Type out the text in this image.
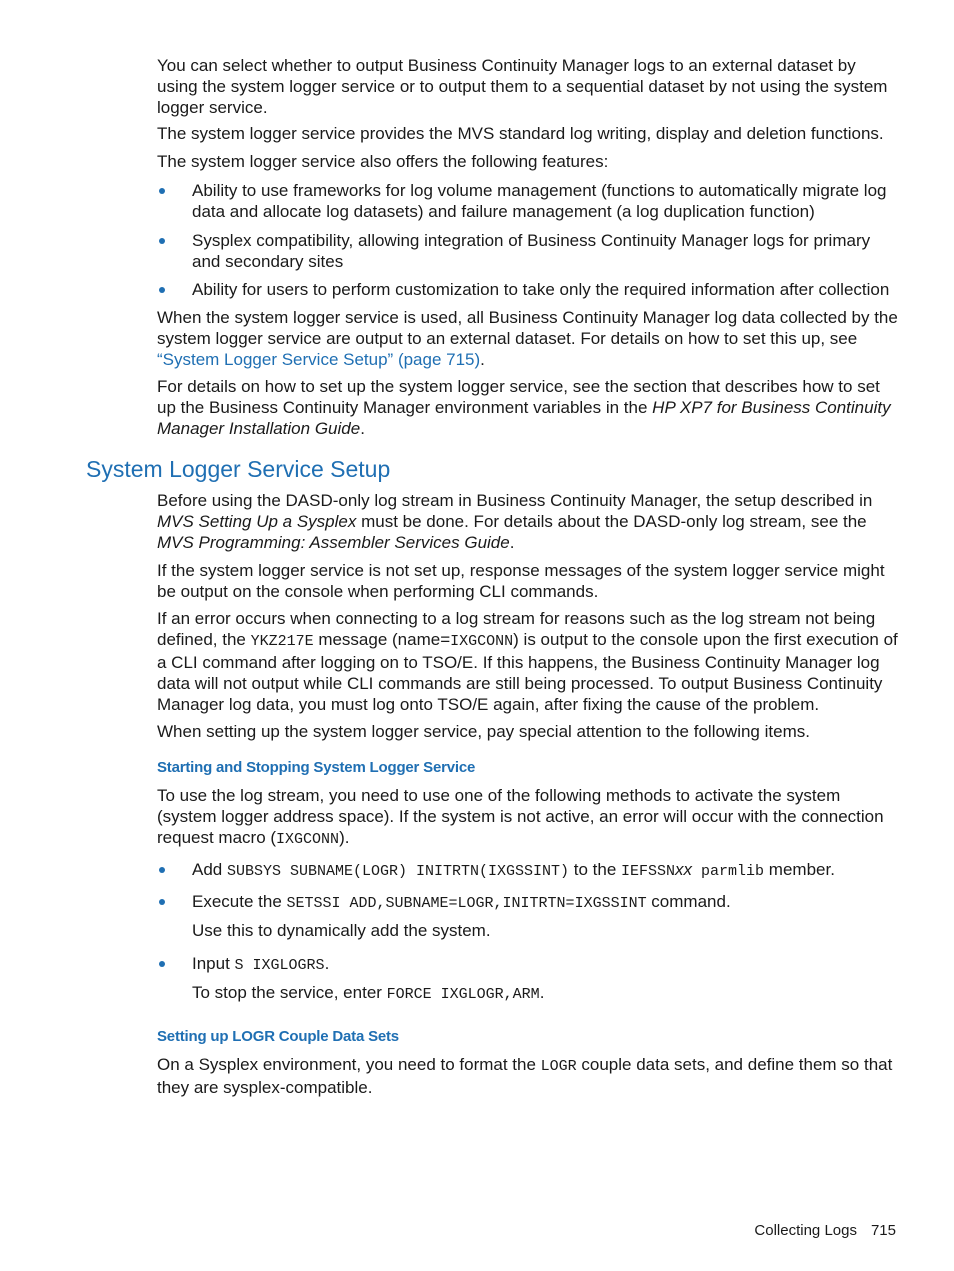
You can select whether to output Business Continuity Manager logs to an external dataset by using the system logger service or to output them to a sequential dataset by not using the system logger service.

The system logger service provides the MVS standard log writing, display and deletion functions.

The system logger service also offers the following features:

Ability to use frameworks for log volume management (functions to automatically migrate log data and allocate log datasets) and failure management (a log duplication function)
Sysplex compatibility, allowing integration of Business Continuity Manager logs for primary and secondary sites
Ability for users to perform customization to take only the required information after collection

When the system logger service is used, all Business Continuity Manager log data collected by the system logger service are output to an external dataset. For details on how to set this up, see “System Logger Service Setup” (page 715).

For details on how to set up the system logger service, see the section that describes how to set up the Business Continuity Manager environment variables in the HP XP7 for Business Continuity Manager Installation Guide.

System Logger Service Setup

Before using the DASD-only log stream in Business Continuity Manager, the setup described in MVS Setting Up a Sysplex must be done. For details about the DASD-only log stream, see the MVS Programming: Assembler Services Guide.

If the system logger service is not set up, response messages of the system logger service might be output on the console when performing CLI commands.

If an error occurs when connecting to a log stream for reasons such as the log stream not being defined, the YKZ217E message (name=IXGCONN) is output to the console upon the first execution of a CLI command after logging on to TSO/E. If this happens, the Business Continuity Manager log data will not output while CLI commands are still being processed. To output Business Continuity Manager log data, you must log onto TSO/E again, after fixing the cause of the problem.

When setting up the system logger service, pay special attention to the following items.

Starting and Stopping System Logger Service

To use the log stream, you need to use one of the following methods to activate the system (system logger address space). If the system is not active, an error will occur with the connection request macro (IXGCONN).

Add SUBSYS SUBNAME(LOGR) INITRTN(IXGSSINT) to the IEFSSNxx parmlib member.
Execute the SETSSI ADD,SUBNAME=LOGR,INITRTN=IXGSSINT command.
Use this to dynamically add the system.
Input S IXGLOGRS.
To stop the service, enter FORCE IXGLOGR,ARM.
Setting up LOGR Couple Data Sets

On a Sysplex environment, you need to format the LOGR couple data sets, and define them so that they are sysplex-compatible.

Collecting Logs 715
